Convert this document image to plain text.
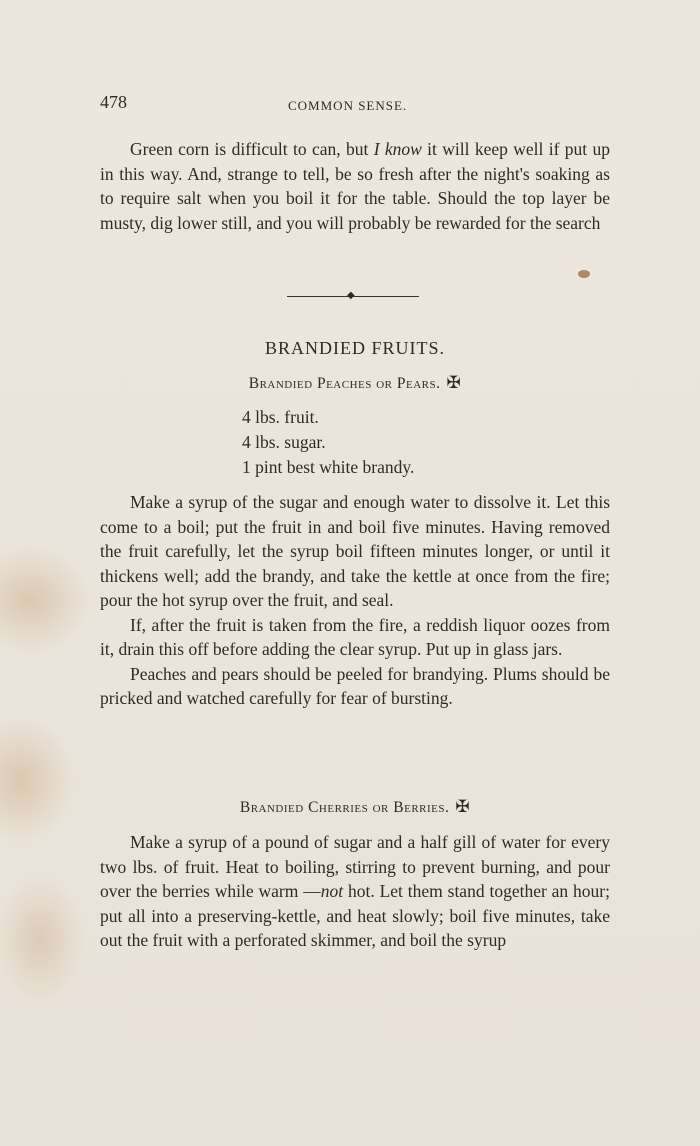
478	COMMON SENSE.

Green corn is difficult to can, but I know it will keep well if put up in this way. And, strange to tell, be so fresh after the night's soaking as to require salt when you boil it for the table. Should the top layer be musty, dig lower still, and you will probably be rewarded for the search

◆
BRANDIED FRUITS.
Brandied Peaches or Pears. ✠
4 lbs. fruit.
4 lbs. sugar.
1 pint best white brandy.

Make a syrup of the sugar and enough water to dissolve it. Let this come to a boil; put the fruit in and boil five minutes. Having removed the fruit carefully, let the syrup boil fifteen minutes longer, or until it thickens well; add the brandy, and take the kettle at once from the fire; pour the hot syrup over the fruit, and seal.

If, after the fruit is taken from the fire, a reddish liquor oozes from it, drain this off before adding the clear syrup. Put up in glass jars.

Peaches and pears should be peeled for brandying. Plums should be pricked and watched carefully for fear of bursting.

Brandied Cherries or Berries. ✠

Make a syrup of a pound of sugar and a half gill of water for every two lbs. of fruit. Heat to boiling, stirring to prevent burning, and pour over the berries while warm —not hot. Let them stand together an hour; put all into a preserving-kettle, and heat slowly; boil five minutes, take out the fruit with a perforated skimmer, and boil the syrup
